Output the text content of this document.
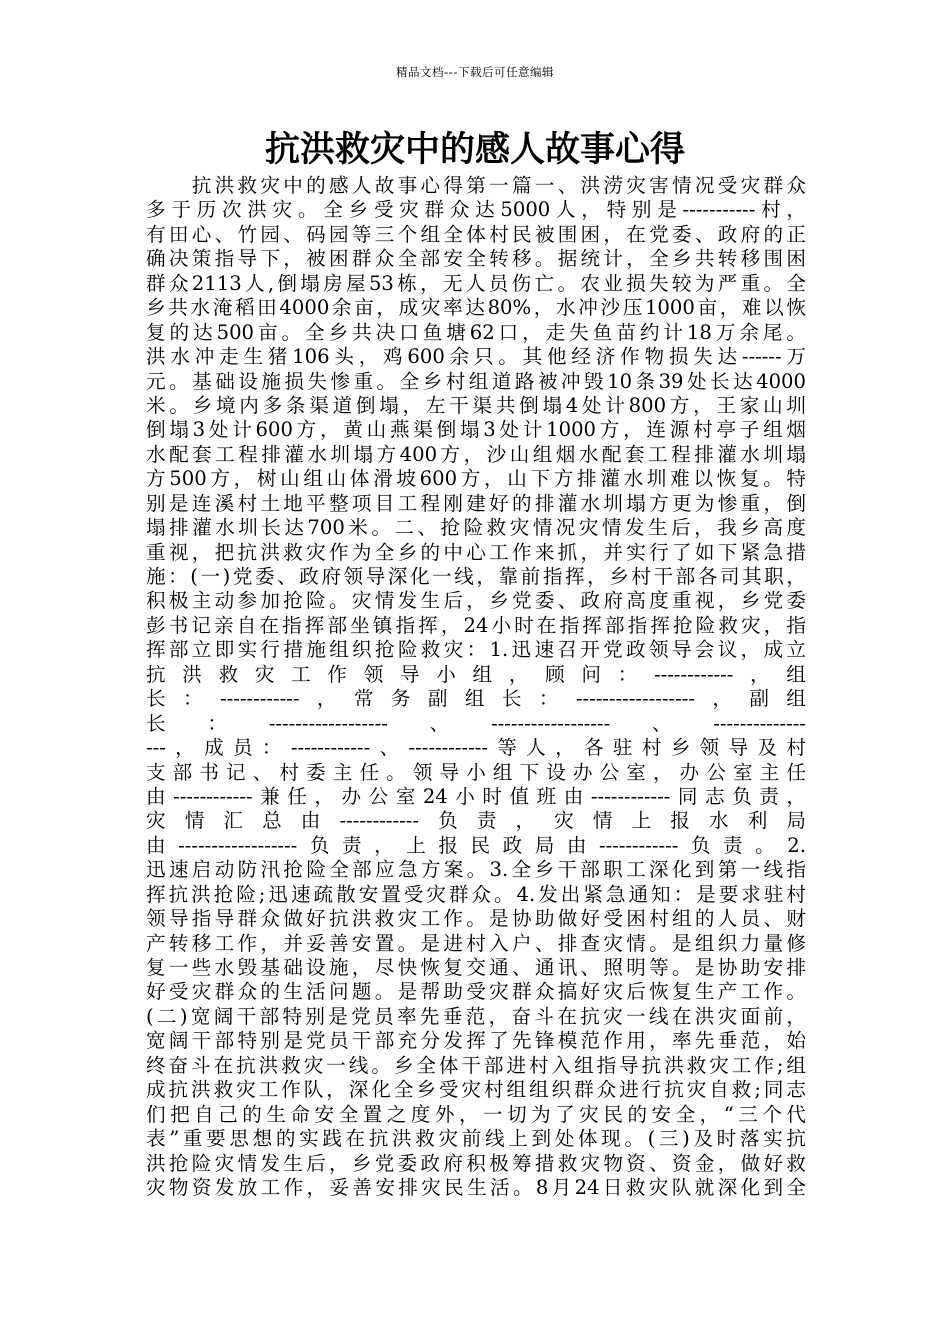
精品文档---下载后可任意编辑
抗洪救灾中的感人故事心得
　　抗洪救灾中的感人故事心得第一篇一、洪涝灾害情况受灾群众
多于历次洪灾。全乡受灾群众达5000人，特别是-----------村，
有田心、竹园、码园等三个组全体村民被围困，在党委、政府的正
确决策指导下，被困群众全部安全转移。据统计，全乡共转移围困
群众2113人,倒塌房屋53栋，无人员伤亡。农业损失较为严重。全
乡共水淹稻田4000余亩，成灾率达80%，水冲沙压1000亩，难以恢
复的达500亩。全乡共决口鱼塘62口，走失鱼苗约计18万余尾。
洪水冲走生猪106头，鸡600余只。其他经济作物损失达------万
元。基础设施损失惨重。全乡村组道路被冲毁10条39处长达4000
米。乡境内多条渠道倒塌，左干渠共倒塌4处计800方，王家山圳
倒塌3处计600方，黄山燕渠倒塌3处计1000方，连源村亭子组烟
水配套工程排灌水圳塌方400方，沙山组烟水配套工程排灌水圳塌
方500方，树山组山体滑坡600方，山下方排灌水圳难以恢复。特
别是连溪村土地平整项目工程刚建好的排灌水圳塌方更为惨重，倒
塌排灌水圳长达700米。二、抢险救灾情况灾情发生后，我乡高度
重视，把抗洪救灾作为全乡的中心工作来抓，并实行了如下紧急措
施：(一)党委、政府领导深化一线，靠前指挥，乡村干部各司其职，
积极主动参加抢险。灾情发生后，乡党委、政府高度重视，乡党委
彭书记亲自在指挥部坐镇指挥，24小时在指挥部指挥抢险救灾，指
挥部立即实行措施组织抢险救灾：1.迅速召开党政领导会议，成立
抗洪救灾工作领导小组，顾问：------------，组
长：------------，常务副组长：------------------，副组
长：------------------、------------------、--------------
---，成员：------------、------------等人，各驻村乡领导及村
支部书记、村委主任。领导小组下设办公室，办公室主任
由------------兼任，办公室24小时值班由------------同志负责，
灾情汇总由------------负责，灾情上报水利局
由------------------负责，上报民政局由------------负责。2.
迅速启动防汛抢险全部应急方案。3.全乡干部职工深化到第一线指
挥抗洪抢险;迅速疏散安置受灾群众。4.发出紧急通知：是要求驻村
领导指导群众做好抗洪救灾工作。是协助做好受困村组的人员、财
产转移工作，并妥善安置。是进村入户、排查灾情。是组织力量修
复一些水毁基础设施，尽快恢复交通、通讯、照明等。是协助安排
好受灾群众的生活问题。是帮助受灾群众搞好灾后恢复生产工作。
(二)宽阔干部特别是党员率先垂范，奋斗在抗灾一线在洪灾面前，
宽阔干部特别是党员干部充分发挥了先锋模范作用，率先垂范，始
终奋斗在抗洪救灾一线。乡全体干部进村入组指导抗洪救灾工作;组
成抗洪救灾工作队，深化全乡受灾村组组织群众进行抗灾自救;同志
们把自己的生命安全置之度外，一切为了灾民的安全，“三个代
表”重要思想的实践在抗洪救灾前线上到处体现。(三)及时落实抗
洪抢险灾情发生后，乡党委政府积极筹措救灾物资、资金，做好救
灾物资发放工作，妥善安排灾民生活。8月24日救灾队就深化到全
